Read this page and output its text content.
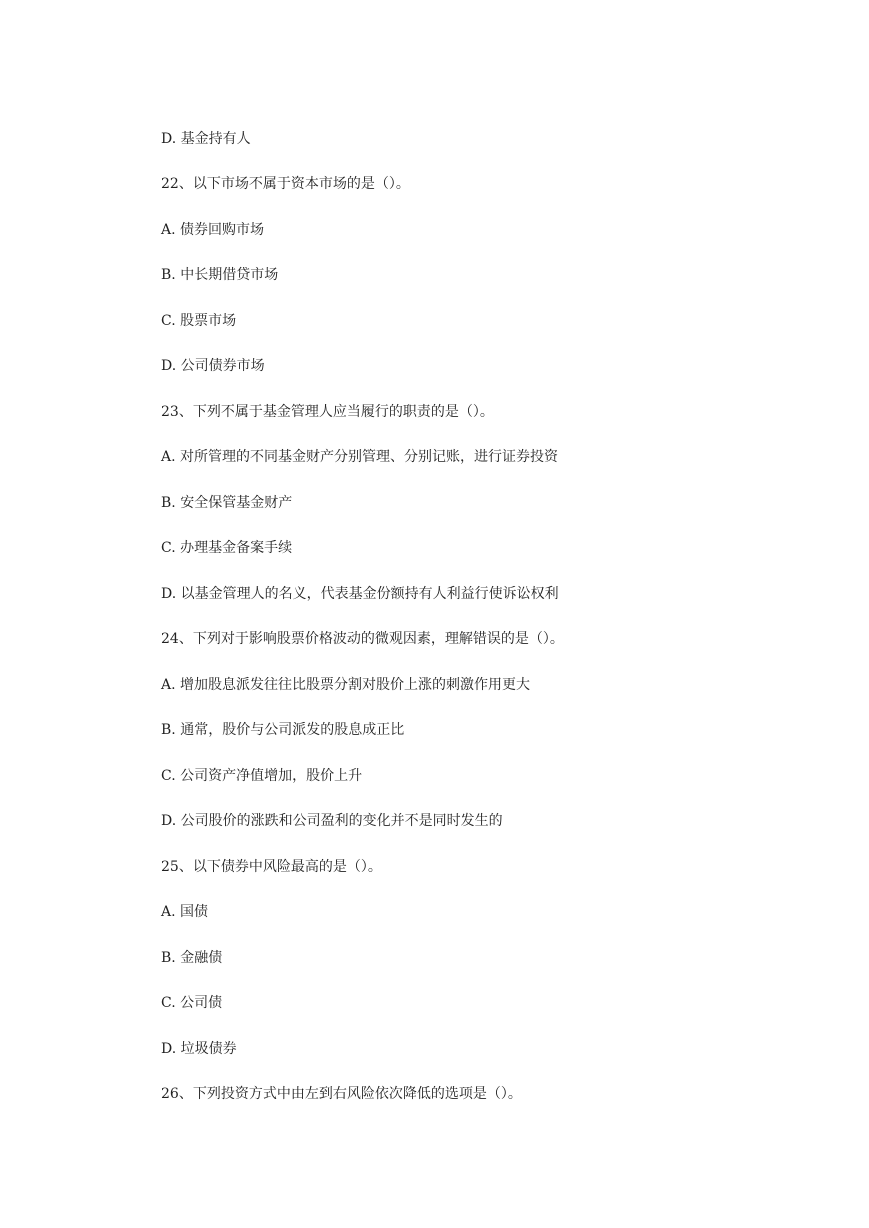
D. 基金持有人
22、以下市场不属于资本市场的是（）。
A. 债券回购市场
B. 中长期借贷市场
C. 股票市场
D. 公司债券市场
23、下列不属于基金管理人应当履行的职责的是（）。
A. 对所管理的不同基金财产分别管理、分别记账，进行证券投资
B. 安全保管基金财产
C. 办理基金备案手续
D. 以基金管理人的名义，代表基金份额持有人利益行使诉讼权利
24、下列对于影响股票价格波动的微观因素，理解错误的是（）。
A. 增加股息派发往往比股票分割对股价上涨的刺激作用更大
B. 通常，股价与公司派发的股息成正比
C. 公司资产净值增加，股价上升
D. 公司股价的涨跌和公司盈利的变化并不是同时发生的
25、以下债券中风险最高的是（）。
A. 国债
B. 金融债
C. 公司债
D. 垃圾债券
26、下列投资方式中由左到右风险依次降低的选项是（）。
